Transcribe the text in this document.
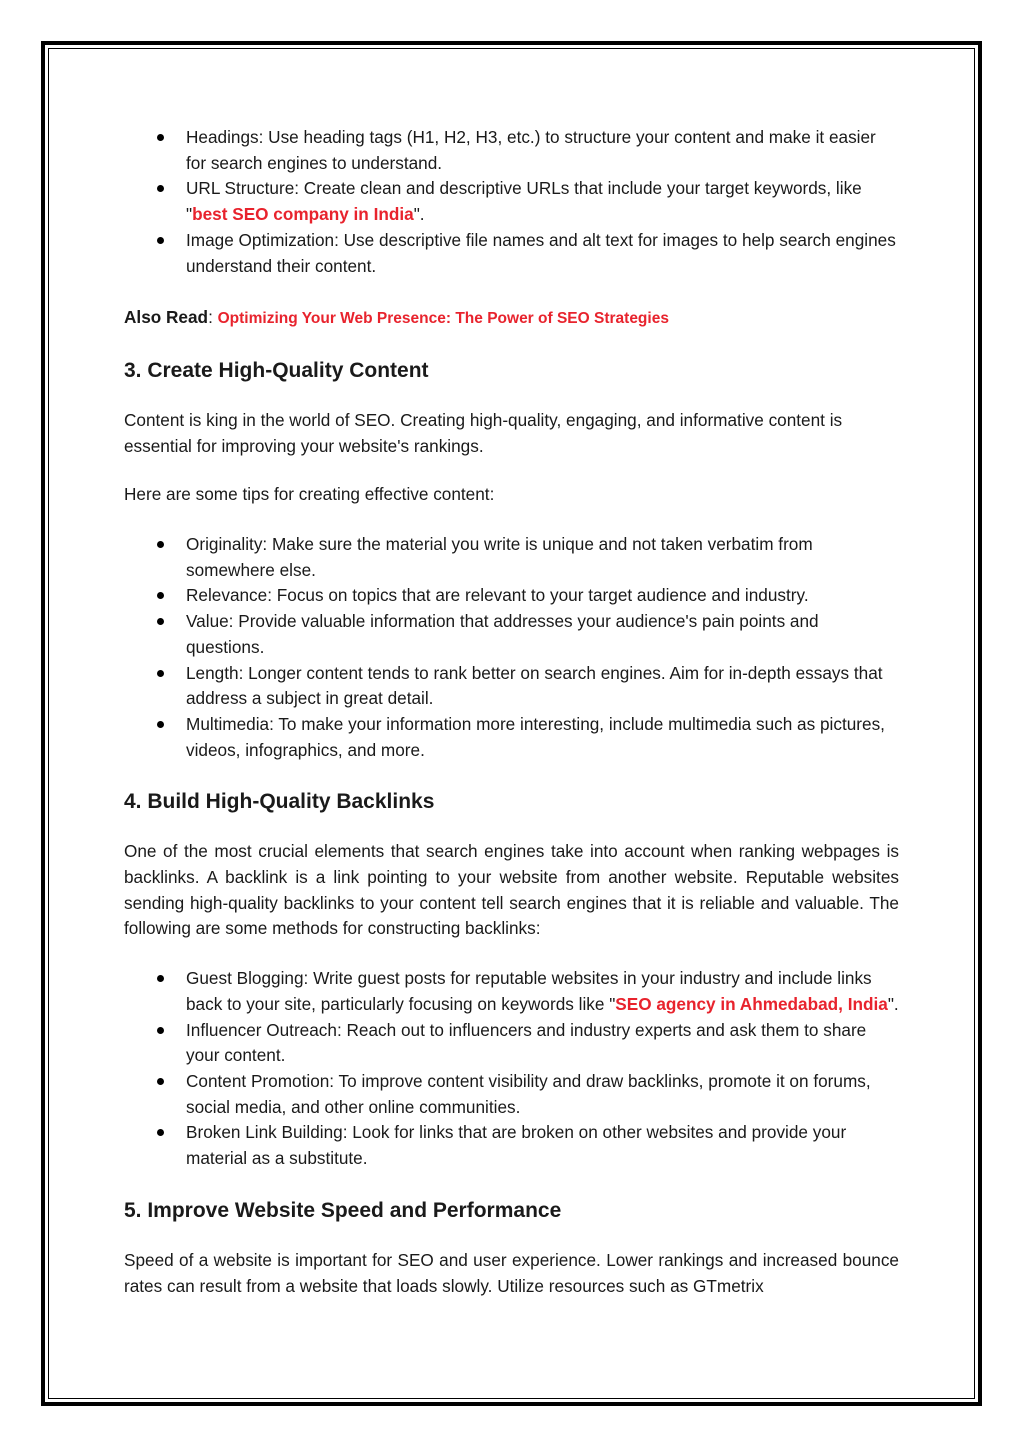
Headings: Use heading tags (H1, H2, H3, etc.) to structure your content and make it easier for search engines to understand.
URL Structure: Create clean and descriptive URLs that include your target keywords, like "best SEO company in India".
Image Optimization: Use descriptive file names and alt text for images to help search engines understand their content.

Also Read: Optimizing Your Web Presence: The Power of SEO Strategies

3. Create High-Quality Content

Content is king in the world of SEO. Creating high-quality, engaging, and informative content is essential for improving your website's rankings.

Here are some tips for creating effective content:

Originality: Make sure the material you write is unique and not taken verbatim from somewhere else.
Relevance: Focus on topics that are relevant to your target audience and industry.
Value: Provide valuable information that addresses your audience's pain points and questions.
Length: Longer content tends to rank better on search engines. Aim for in-depth essays that address a subject in great detail.
Multimedia: To make your information more interesting, include multimedia such as pictures, videos, infographics, and more.
4. Build High-Quality Backlinks

One of the most crucial elements that search engines take into account when ranking webpages is backlinks. A backlink is a link pointing to your website from another website. Reputable websites sending high-quality backlinks to your content tell search engines that it is reliable and valuable. The following are some methods for constructing backlinks:

Guest Blogging: Write guest posts for reputable websites in your industry and include links back to your site, particularly focusing on keywords like "SEO agency in Ahmedabad, India".
Influencer Outreach: Reach out to influencers and industry experts and ask them to share your content.
Content Promotion: To improve content visibility and draw backlinks, promote it on forums, social media, and other online communities.
Broken Link Building: Look for links that are broken on other websites and provide your material as a substitute.
5. Improve Website Speed and Performance

Speed of a website is important for SEO and user experience. Lower rankings and increased bounce rates can result from a website that loads slowly. Utilize resources such as GTmetrix
